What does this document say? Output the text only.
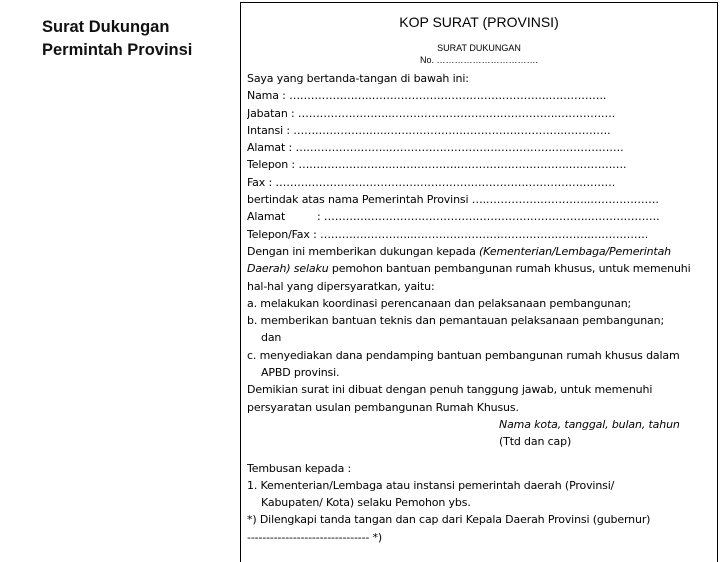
Surat Dukungan Permintah Provinsi
KOP SURAT (PROVINSI)
SURAT DUKUNGAN
No. …………………………….
Saya yang bertanda-tangan di bawah ini:
Nama : …………………..………………………………………….…………….
Jabatan : ……………………..……………………………………….…………….
Intansi : ……………………..………………………………………….………….
Alamat : ……………………..………………………………………….…………….
Telepon : ……………………..………………………………………….…………….
Fax : ………………………………………………………………………………….
bertindak atas nama Pemerintah Provinsi ….………………………..……………….
Alamat	: ………………………………………………………………..……………….
Telepon/Fax : ……………………..………………………………………….…………….
Dengan ini memberikan dukungan kepada (Kementerian/Lembaga/Pemerintah Daerah) selaku pemohon bantuan pembangunan rumah khusus, untuk memenuhi hal-hal yang dipersyaratkan, yaitu:
a. melakukan koordinasi perencanaan dan pelaksanaan pembangunan;
b. memberikan bantuan teknis dan pemantauan pelaksanaan pembangunan;
dan
c. menyediakan dana pendamping bantuan pembangunan rumah khusus dalam
APBD provinsi.
Demikian surat ini dibuat dengan penuh tanggung jawab, untuk memenuhi persyaratan usulan pembangunan Rumah Khusus.
Nama kota, tanggal, bulan, tahun
(Ttd dan cap)
Tembusan kepada :
1. Kementerian/Lembaga atau instansi pemerintah daerah (Provinsi/
Kabupaten/ Kota) selaku Pemohon ybs.
*) Dilengkapi tanda tangan dan cap dari Kepala Daerah Provinsi (gubernur)
-------------------------------- *)
